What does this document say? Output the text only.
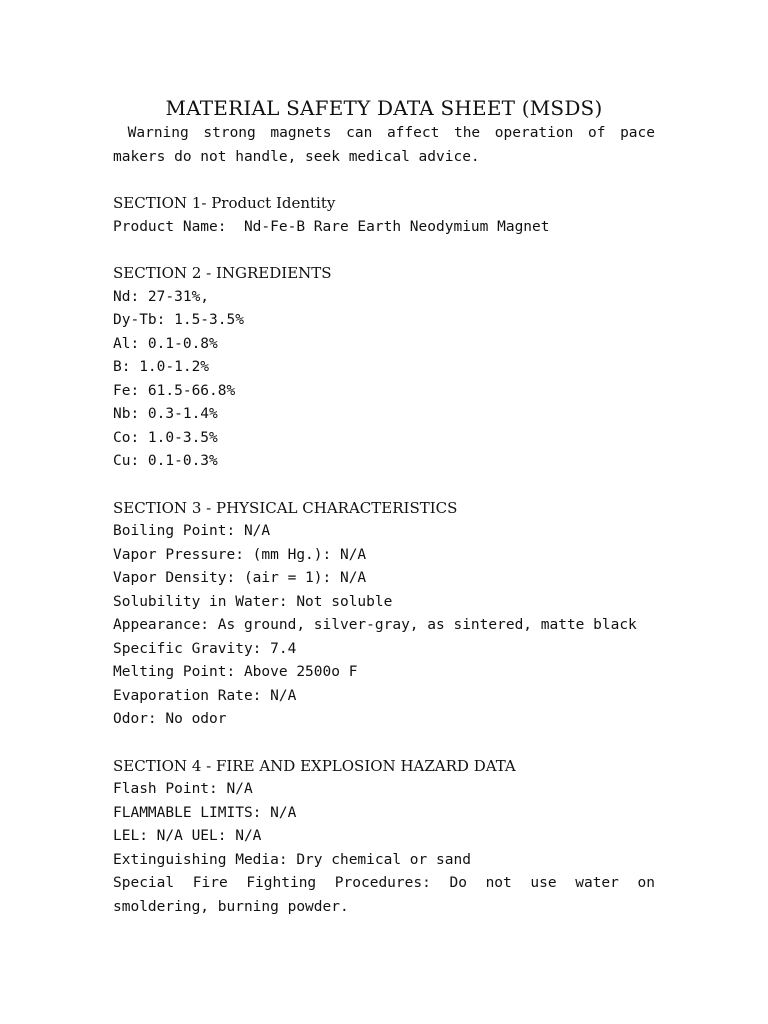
MATERIAL SAFETY DATA SHEET (MSDS)

Warning strong magnets can affect the operation of pace makers do not handle, seek medical advice.

SECTION 1- Product Identity
Product Name:  Nd-Fe-B Rare Earth Neodymium Magnet
SECTION 2 - INGREDIENTS
Nd: 27-31%,
Dy-Tb: 1.5-3.5%
Al: 0.1-0.8%
B: 1.0-1.2%
Fe: 61.5-66.8%
Nb: 0.3-1.4%
Co: 1.0-3.5%
Cu: 0.1-0.3%
SECTION 3 - PHYSICAL CHARACTERISTICS
Boiling Point: N/A
Vapor Pressure: (mm Hg.): N/A
Vapor Density: (air = 1): N/A
Solubility in Water: Not soluble
Appearance: As ground, silver-gray, as sintered, matte black
Specific Gravity: 7.4
Melting Point: Above 2500o F
Evaporation Rate: N/A
Odor: No odor
SECTION 4 - FIRE AND EXPLOSION HAZARD DATA
Flash Point: N/A
FLAMMABLE LIMITS: N/A
LEL: N/A UEL: N/A
Extinguishing Media: Dry chemical or sand
Special Fire Fighting Procedures: Do not use water on smoldering, burning powder.
